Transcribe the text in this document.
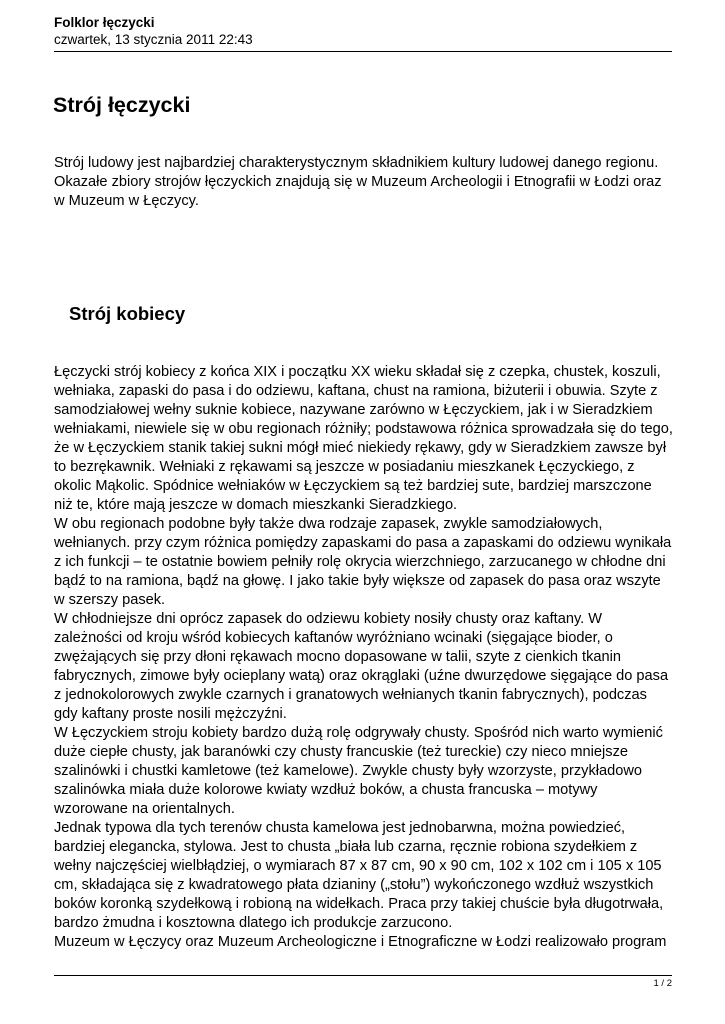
Folklor łęczycki
czwartek, 13 stycznia 2011 22:43
Strój łęczycki
Strój ludowy jest najbardziej charakterystycznym składnikiem kultury ludowej danego regionu.
Okazałe zbiory strojów łęczyckich znajdują się w Muzeum Archeologii i Etnografii w Łodzi oraz
w Muzeum w Łęczycy.
Strój kobiecy
Łęczycki strój kobiecy z końca XIX i początku XX wieku składał się z czepka, chustek, koszuli,
wełniaka, zapaski do pasa i do odziewu, kaftana, chust na ramiona, biżuterii i obuwia. Szyte z
samodziałowej wełny suknie kobiece, nazywane zarówno w Łęczyckiem, jak i w Sieradzkiem
wełniakami, niewiele się w obu regionach różniły; podstawowa różnica sprowadzała się do tego,
że w Łęczyckiem stanik takiej sukni mógł mieć niekiedy rękawy, gdy w Sieradzkiem zawsze był
to bezrękawnik. Wełniaki z rękawami są jeszcze w posiadaniu mieszkanek Łęczyckiego, z
okolic Mąkolic. Spódnice wełniaków w Łęczyckiem są też bardziej sute, bardziej marszczone
niż te, które mają jeszcze w domach mieszkanki Sieradzkiego.
W obu regionach podobne były także dwa rodzaje zapasek, zwykle samodziałowych,
wełnianych. przy czym różnica pomiędzy zapaskami do pasa a zapaskami do odziewu wynikała
z ich funkcji – te ostatnie bowiem pełniły rolę okrycia wierzchniego, zarzucanego w chłodne dni
bądź to na ramiona, bądź na głowę. I jako takie były większe od zapasek do pasa oraz wszyte
w szerszy pasek.
W chłodniejsze dni oprócz zapasek do odziewu kobiety nosiły chusty oraz kaftany. W
zależności od kroju wśród kobiecych kaftanów wyróżniano wcinaki (sięgające bioder, o
zwężających się przy dłoni rękawach mocno dopasowane w talii, szyte z cienkich tkanin
fabrycznych, zimowe były ocieplany watą) oraz okrąglaki (uźne dwurzędowe sięgające do pasa
z jednokolorowych zwykle czarnych i granatowych wełnianych tkanin fabrycznych), podczas
gdy kaftany proste nosili mężczyźni.
W Łęczyckiem stroju kobiety bardzo dużą rolę odgrywały chusty. Spośród nich warto wymienić
duże ciepłe chusty, jak baranówki czy chusty francuskie (też tureckie) czy nieco mniejsze
szalinówki i chustki kamletowe (też kamelowe). Zwykle chusty były wzorzyste, przykładowo
szalinówka miała duże kolorowe kwiaty wzdłuż boków, a chusta francuska – motywy
wzorowane na orientalnych.
Jednak typowa dla tych terenów chusta kamelowa jest jednobarwna, można powiedzieć,
bardziej elegancka, stylowa. Jest to chusta „biała lub czarna, ręcznie robiona szydełkiem z
wełny najczęściej wielbłądziej, o wymiarach 87 x 87 cm, 90 x 90 cm, 102 x 102 cm i 105 x 105
cm, składająca się z kwadratowego płata dzianiny („stołu”) wykończonego wzdłuż wszystkich
boków koronką szydełkową i robioną na widełkach. Praca przy takiej chuście była długotrwała,
bardzo żmudna i kosztowna dlatego ich produkcje zarzucono.
Muzeum w Łęczycy oraz Muzeum Archeologiczne i Etnograficzne w Łodzi realizowało program
1 / 2
